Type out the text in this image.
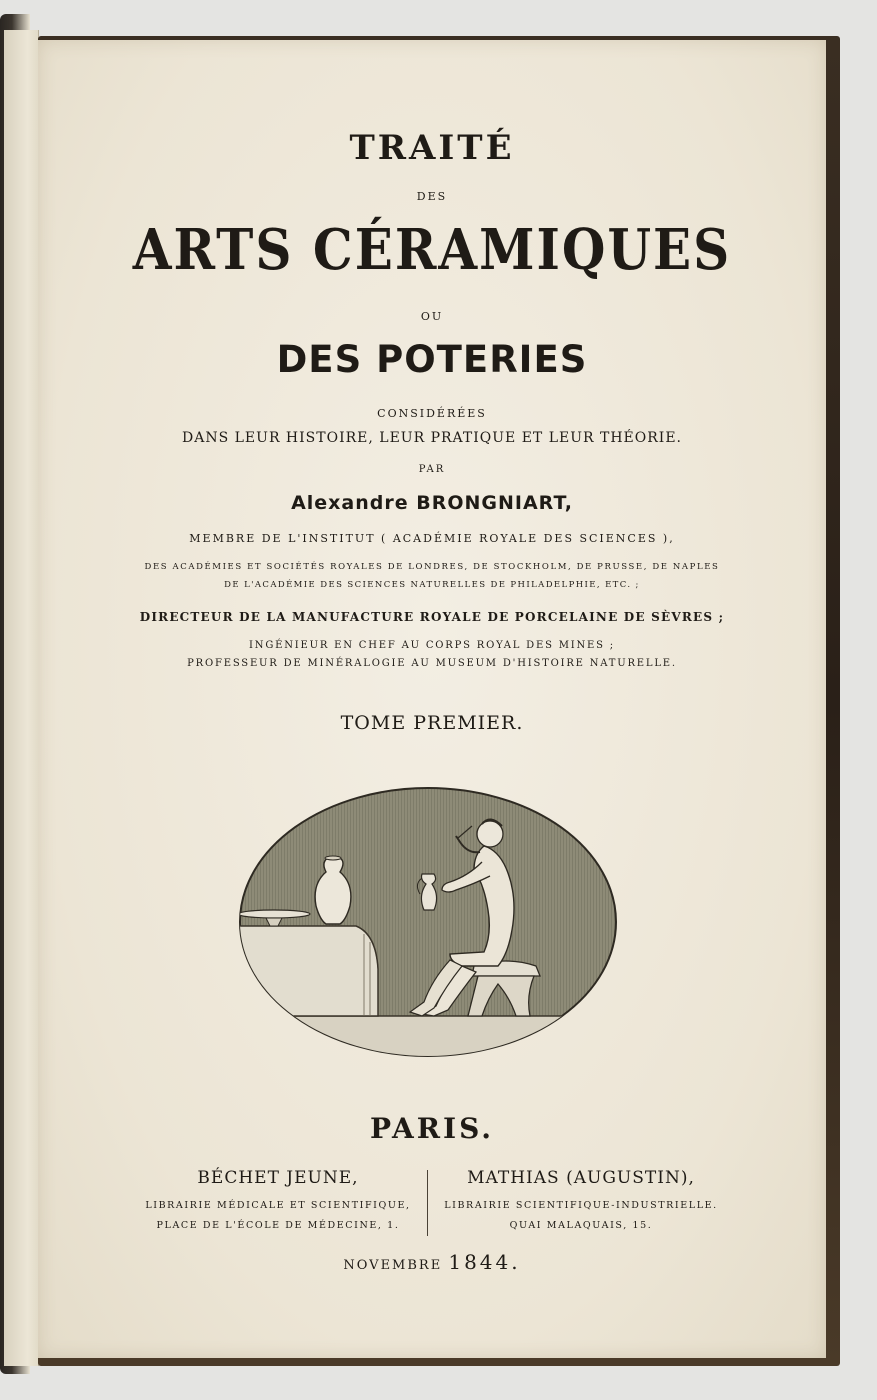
TRAITÉ
DES
ARTS CÉRAMIQUES
OU
DES POTERIES
CONSIDÉRÉES
DANS LEUR HISTOIRE, LEUR PRATIQUE ET LEUR THÉORIE.
PAR
Alexandre BRONGNIART,
MEMBRE DE L'INSTITUT ( ACADÉMIE ROYALE DES SCIENCES ),
DES ACADÉMIES ET SOCIÉTÉS ROYALES DE LONDRES, DE STOCKHOLM, DE PRUSSE, DE NAPLES
DE L'ACADÉMIE DES SCIENCES NATURELLES DE PHILADELPHIE, ETC. ;
DIRECTEUR DE LA MANUFACTURE ROYALE DE PORCELAINE DE SÈVRES ;
INGÉNIEUR EN CHEF AU CORPS ROYAL DES MINES ;
PROFESSEUR DE MINÉRALOGIE AU MUSEUM D'HISTOIRE NATURELLE.
TOME PREMIER.
PARIS.
BÉCHET JEUNE,
LIBRAIRIE MÉDICALE ET SCIENTIFIQUE,
PLACE DE L'ÉCOLE DE MÉDECINE, 1.
MATHIAS (AUGUSTIN),
LIBRAIRIE SCIENTIFIQUE-INDUSTRIELLE.
QUAI MALAQUAIS, 15.
NOVEMBRE 1844.
